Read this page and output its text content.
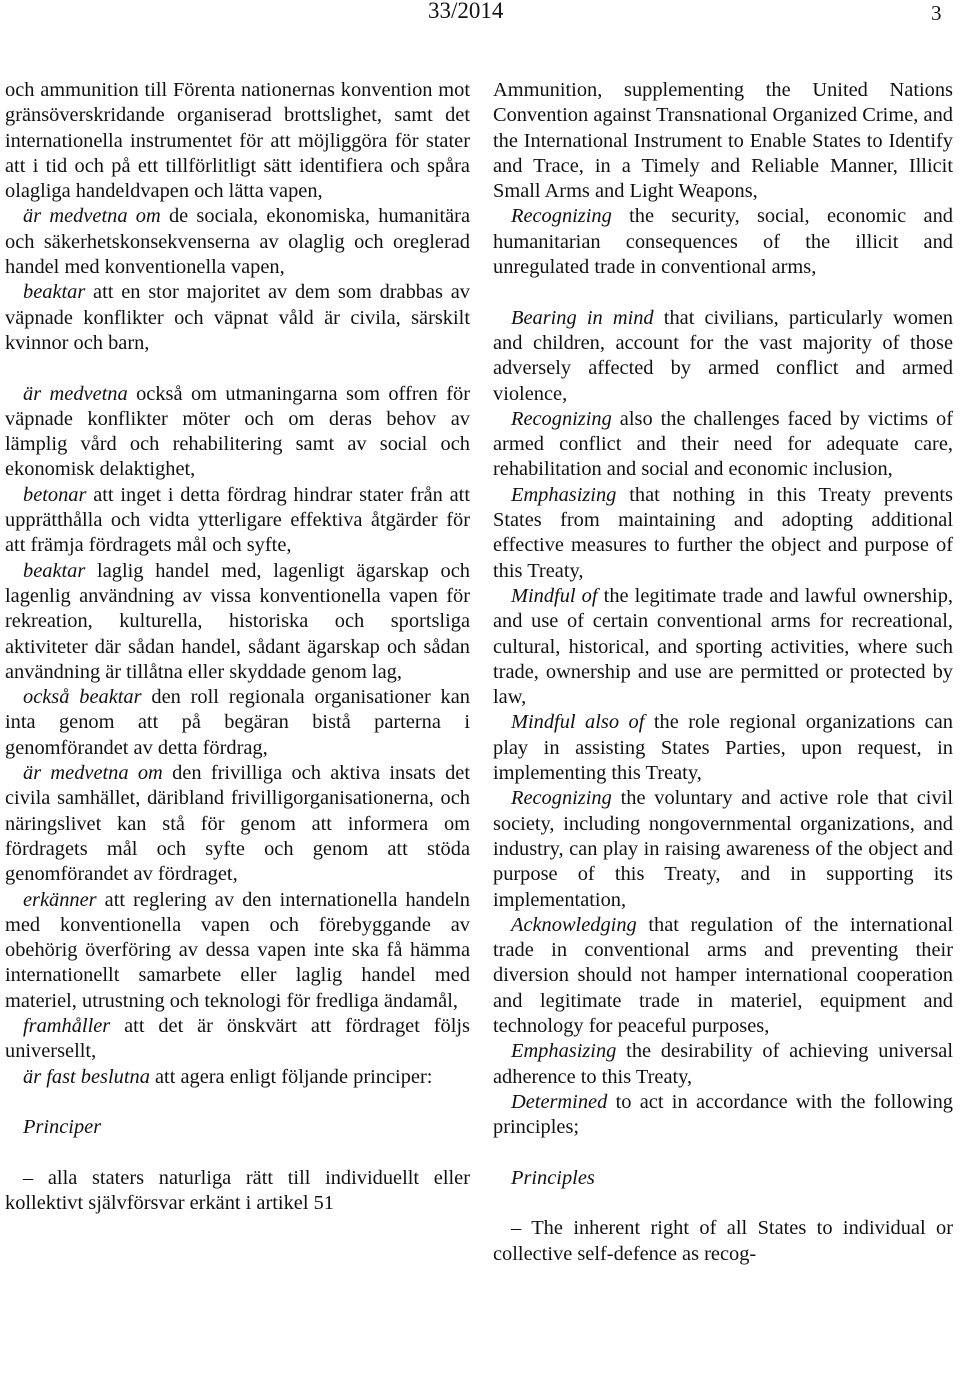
33/2014	3

och ammunition till Förenta nationernas konvention mot gränsöverskridande organiserad brottslighet, samt det internationella instrumentet för att möjliggöra för stater att i tid och på ett tillförlitligt sätt identifiera och spåra olagliga handeldvapen och lätta vapen,

är medvetna om de sociala, ekonomiska, humanitära och säkerhetskonsekvenserna av olaglig och oreglerad handel med konventionella vapen,

beaktar att en stor majoritet av dem som drabbas av väpnade konflikter och väpnat våld är civila, särskilt kvinnor och barn,

är medvetna också om utmaningarna som offren för väpnade konflikter möter och om deras behov av lämplig vård och rehabilitering samt av social och ekonomisk delaktighet,

betonar att inget i detta fördrag hindrar stater från att upprätthålla och vidta ytterligare effektiva åtgärder för att främja fördragets mål och syfte,

beaktar laglig handel med, lagenligt ägarskap och lagenlig användning av vissa konventionella vapen för rekreation, kulturella, historiska och sportsliga aktiviteter där sådan handel, sådant ägarskap och sådan användning är tillåtna eller skyddade genom lag,

också beaktar den roll regionala organisationer kan inta genom att på begäran bistå parterna i genomförandet av detta fördrag,

är medvetna om den frivilliga och aktiva insats det civila samhället, däribland frivilligorganisationerna, och näringslivet kan stå för genom att informera om fördragets mål och syfte och genom att stöda genomförandet av fördraget,

erkänner att reglering av den internationella handeln med konventionella vapen och förebyggande av obehörig överföring av dessa vapen inte ska få hämma internationellt samarbete eller laglig handel med materiel, utrustning och teknologi för fredliga ändamål,

framhåller att det är önskvärt att fördraget följs universellt,

är fast beslutna att agera enligt följande principer:

Principer

– alla staters naturliga rätt till individuellt eller kollektivt självförsvar erkänt i artikel 51

Ammunition, supplementing the United Nations Convention against Transnational Organized Crime, and the International Instrument to Enable States to Identify and Trace, in a Timely and Reliable Manner, Illicit Small Arms and Light Weapons,

Recognizing the security, social, economic and humanitarian consequences of the illicit and unregulated trade in conventional arms,

Bearing in mind that civilians, particularly women and children, account for the vast majority of those adversely affected by armed conflict and armed violence,

Recognizing also the challenges faced by victims of armed conflict and their need for adequate care, rehabilitation and social and economic inclusion,

Emphasizing that nothing in this Treaty prevents States from maintaining and adopting additional effective measures to further the object and purpose of this Treaty,

Mindful of the legitimate trade and lawful ownership, and use of certain conventional arms for recreational, cultural, historical, and sporting activities, where such trade, ownership and use are permitted or protected by law,

Mindful also of the role regional organizations can play in assisting States Parties, upon request, in implementing this Treaty,

Recognizing the voluntary and active role that civil society, including nongovernmental organizations, and industry, can play in raising awareness of the object and purpose of this Treaty, and in supporting its implementation,

Acknowledging that regulation of the international trade in conventional arms and preventing their diversion should not hamper international cooperation and legitimate trade in materiel, equipment and technology for peaceful purposes,

Emphasizing the desirability of achieving universal adherence to this Treaty,

Determined to act in accordance with the following principles;

Principles

– The inherent right of all States to individual or collective self-defence as recog-
